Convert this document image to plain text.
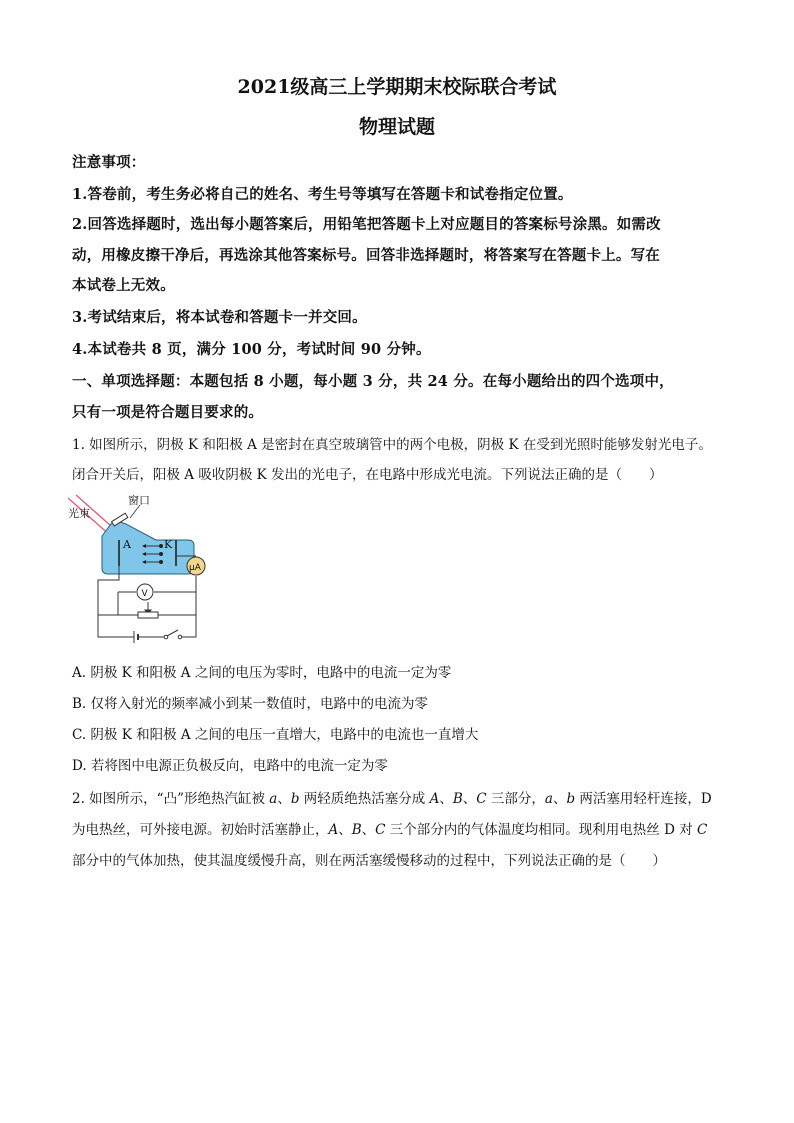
2021级高三上学期期末校际联合考试
物理试题
注意事项：
1.答卷前，考生务必将自己的姓名、考生号等填写在答题卡和试卷指定位置。
2.回答选择题时，选出每小题答案后，用铅笔把答题卡上对应题目的答案标号涂黑。如需改
动，用橡皮擦干净后，再选涂其他答案标号。回答非选择题时，将答案写在答题卡上。写在
本试卷上无效。
3.考试结束后，将本试卷和答题卡一并交回。
4.本试卷共 8 页，满分 100 分，考试时间 90 分钟。
一、单项选择题：本题包括 8 小题，每小题 3 分，共 24 分。在每小题给出的四个选项中，
只有一项是符合题目要求的。
1. 如图所示，阴极 K 和阳极 A 是密封在真空玻璃管中的两个电极，阴极 K 在受到光照时能够发射光电子。
闭合开关后，阳极 A 吸收阴极 K 发出的光电子，在电路中形成光电流。下列说法正确的是（　　）
A	K
光束
窗口
μA
V
A. 阴极 K 和阳极 A 之间的电压为零时，电路中的电流一定为零
B. 仅将入射光的频率减小到某一数值时，电路中的电流为零
C. 阴极 K 和阳极 A 之间的电压一直增大，电路中的电流也一直增大
D. 若将图中电源正负极反向，电路中的电流一定为零
2. 如图所示，“凸”形绝热汽缸被 a、b 两轻质绝热活塞分成 A、B、C 三部分，a、b 两活塞用轻杆连接，D
为电热丝，可外接电源。初始时活塞静止，A、B、C 三个部分内的气体温度均相同。现利用电热丝 D 对 C
部分中的气体加热，使其温度缓慢升高，则在两活塞缓慢移动的过程中，下列说法正确的是（　　）
